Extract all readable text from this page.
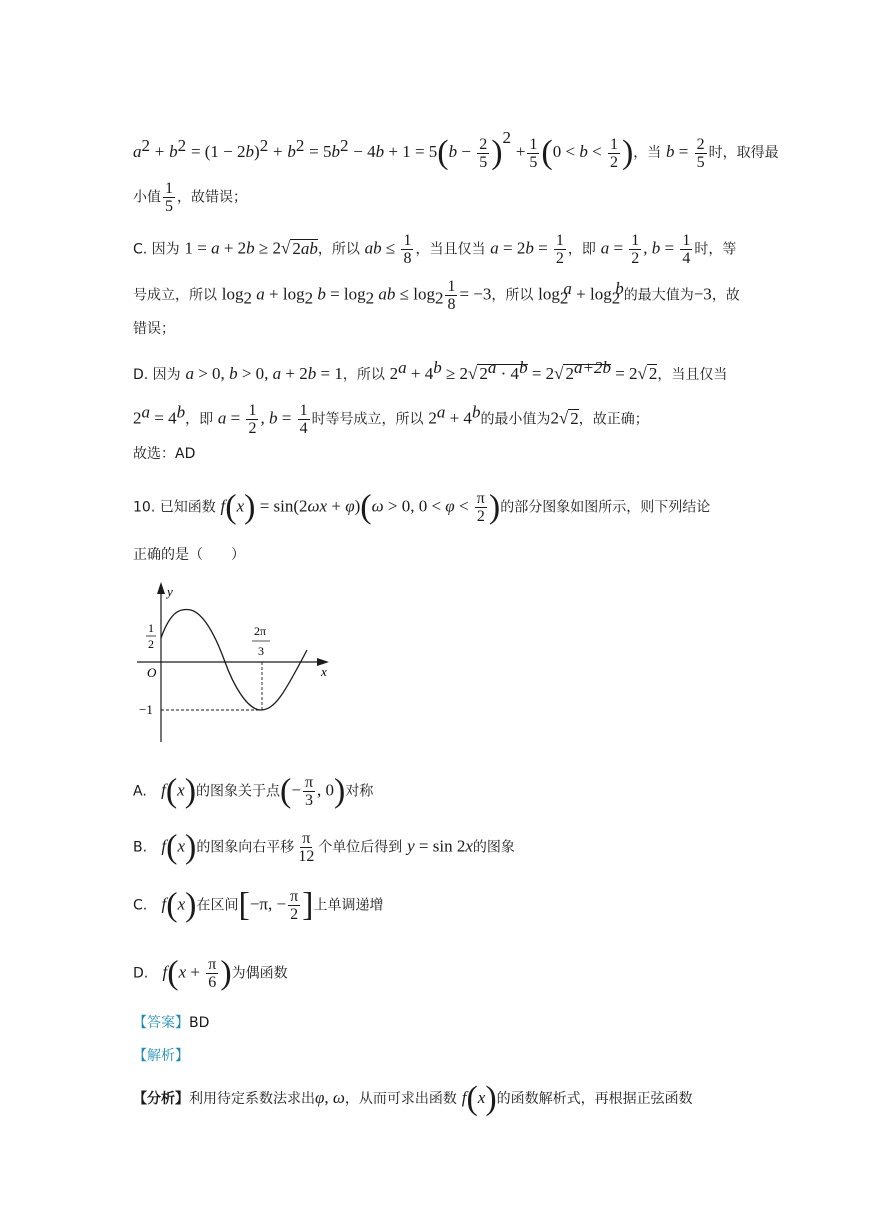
$a^2 + b^2 = (1 - 2b)^2 + b^2 = 5b^2 - 4b + 1 = 5(b - \frac{2}{5} )^2 + \frac{1}{5} (0 < b < \frac{1}{2}$ )，当 $b = \frac{2}{5}$ 时，取得最
小值 $\frac{1}{5}$ ，故错误；
C. 因为 1 = a + 2b ≥ 2√ 2ab，所以 ab ≤ $\frac{1}{8}$ ，当且仅当 $a = 2b = \frac{1}{2}$ ，即 $a = \frac{1}{2}$ , $b = \frac{1}{4}$ 时，等
号成立，所以 $\log_2 a + \log_2 b = \log_2$ ab ≤ $\log_2 \frac{1}{8} = -3$，所以 $\log_2^a + \log_2^b$的最大值为−3，故
错误；
D. 因为 a > 0, b > 0, a + 2b = 1，所以 $2^a + 4^b \ge 2√$ $2^a \cdot 4^b = 2√$ $2^{a+2b} = 2√$ 2，当且仅当
$2^a = 4^b$，即 $a = \frac{1}{2}$ , $b = \frac{1}{4}$ 时等号成立，所以 $2^a + 4^b$的最小值为2√ 2，故正确；
故选：AD
10. 已知函数 f(x) = sin(2ωx + φ)(ω > 0, $0 < \varphi < \frac{\pi}{2}$ )的部分图象如图所示，则下列结论
正确的是（　　）
y
x
O
1
2
2π
3
−1
A. f(x)的图象关于点(− $\frac{\pi}{3}$ , 0)对称
B. f(x)的图象向右平移 $\frac{\pi}{12}$ 个单位后得到 y = sin 2x的图象
C. f(x)在区间[−π, − $\frac{\pi}{2}$ ]上单调递增
D. $f(x + \frac{\pi}{6}$ )为偶函数
【答案】BD
【解析】
【分析】利用待定系数法求出φ, ω，从而可求出函数 f(x)的函数解析式，再根据正弦函数
